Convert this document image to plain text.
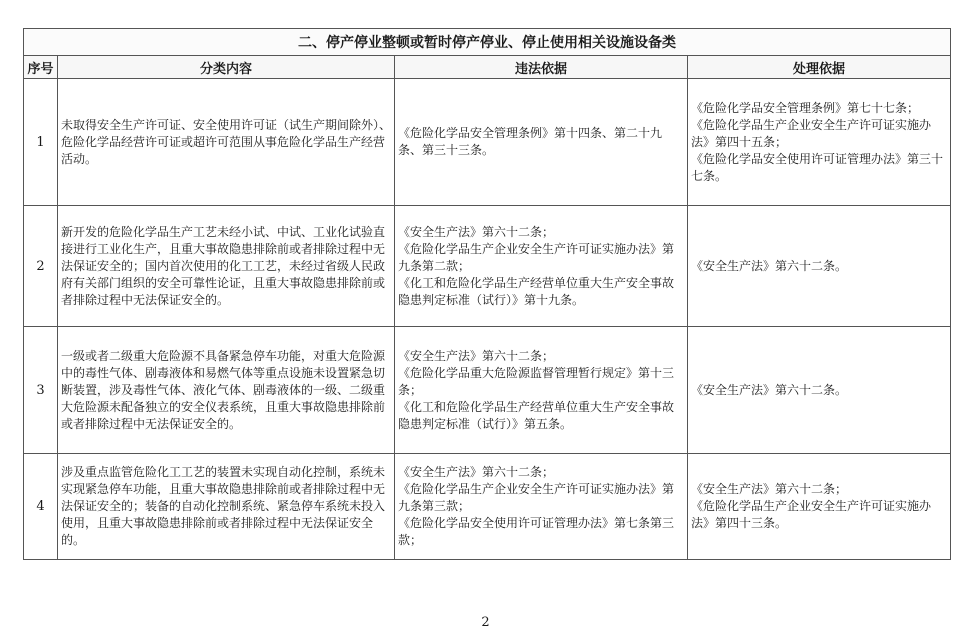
二、停产停业整顿或暂时停产停业、停止使用相关设施设备类			
序号	分类内容	违法依据	处理依据
1	未取得安全生产许可证、安全使用许可证（试生产期间除外）、危险化学品经营许可证或超许可范围从事危险化学品生产经营活动。	《危险化学品安全管理条例》第十四条、第二十九条、第三十三条。	《危险化学品安全管理条例》第七十七条；
《危险化学品生产企业安全生产许可证实施办法》第四十五条；
《危险化学品安全使用许可证管理办法》第三十七条。

2	新开发的危险化学品生产工艺未经小试、中试、工业化试验直接进行工业化生产，且重大事故隐患排除前或者排除过程中无法保证安全的；国内首次使用的化工工艺，未经过省级人民政府有关部门组织的安全可靠性论证，且重大事故隐患排除前或者排除过程中无法保证安全的。	《安全生产法》第六十二条；
《危险化学品生产企业安全生产许可证实施办法》第九条第二款；
《化工和危险化学品生产经营单位重大生产安全事故隐患判定标准（试行）》第十九条。	《安全生产法》第六十二条。

3	一级或者二级重大危险源不具备紧急停车功能，对重大危险源中的毒性气体、剧毒液体和易燃气体等重点设施未设置紧急切断装置，涉及毒性气体、液化气体、剧毒液体的一级、二级重大危险源未配备独立的安全仪表系统，且重大事故隐患排除前或者排除过程中无法保证安全的。	《安全生产法》第六十二条；
《危险化学品重大危险源监督管理暂行规定》第十三条；
《化工和危险化学品生产经营单位重大生产安全事故隐患判定标准（试行）》第五条。	《安全生产法》第六十二条。

4	涉及重点监管危险化工工艺的装置未实现自动化控制，系统未实现紧急停车功能，且重大事故隐患排除前或者排除过程中无法保证安全的；装备的自动化控制系统、紧急停车系统未投入使用，且重大事故隐患排除前或者排除过程中无法保证安全的。	《安全生产法》第六十二条；
《危险化学品生产企业安全生产许可证实施办法》第九条第三款；
《危险化学品安全使用许可证管理办法》第七条第三款；	《安全生产法》第六十二条；
《危险化学品生产企业安全生产许可证实施办法》第四十三条。
2
